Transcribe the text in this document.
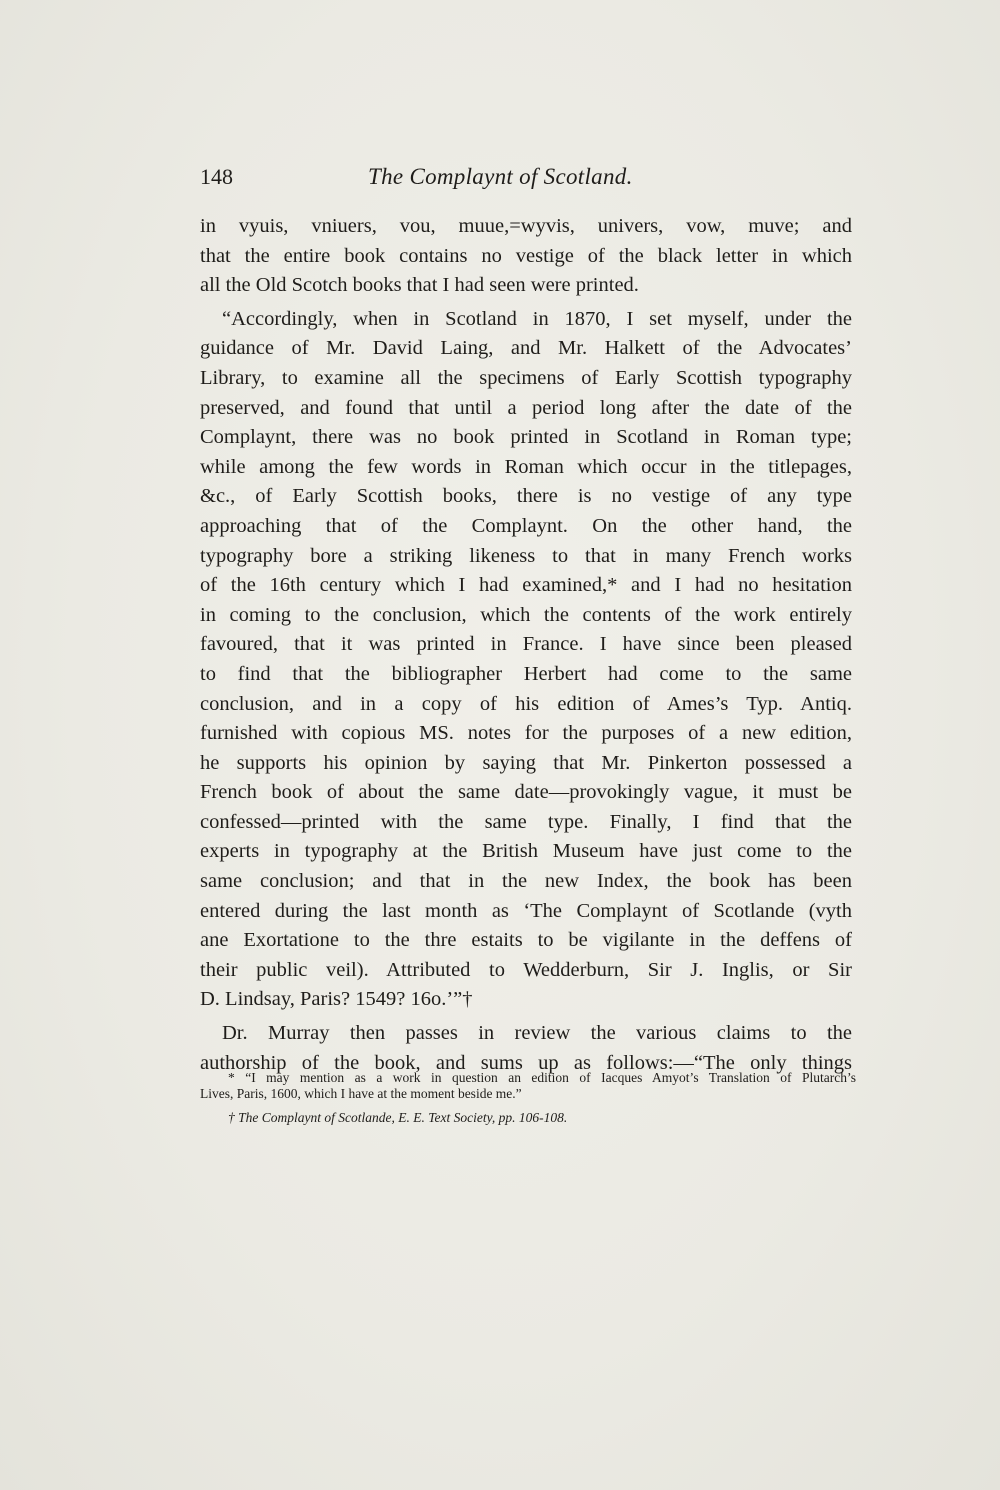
148	The Complaynt of Scotland.
in vyuis, vniuers, vou, muue,=wyvis, univers, vow, muve; and
that the entire book contains no vestige of the black letter in which
all the Old Scotch books that I had seen were printed.
“Accordingly, when in Scotland in 1870, I set myself, under the
guidance of Mr. David Laing, and Mr. Halkett of the Advocates’
Library, to examine all the specimens of Early Scottish typography
preserved, and found that until a period long after the date of the
Complaynt, there was no book printed in Scotland in Roman type;
while among the few words in Roman which occur in the titlepages,
&c., of Early Scottish books, there is no vestige of any type
approaching that of the Complaynt. On the other hand, the
typography bore a striking likeness to that in many French works
of the 16th century which I had examined,* and I had no hesitation
in coming to the conclusion, which the contents of the work entirely
favoured, that it was printed in France. I have since been pleased
to find that the bibliographer Herbert had come to the same
conclusion, and in a copy of his edition of Ames’s Typ. Antiq.
furnished with copious MS. notes for the purposes of a new edition,
he supports his opinion by saying that Mr. Pinkerton possessed a
French book of about the same date—provokingly vague, it must be
confessed—printed with the same type. Finally, I find that the
experts in typography at the British Museum have just come to the
same conclusion; and that in the new Index, the book has been
entered during the last month as ‘The Complaynt of Scotlande (vyth
ane Exortatione to the thre estaits to be vigilante in the deffens of
their public veil). Attributed to Wedderburn, Sir J. Inglis, or Sir
D. Lindsay, Paris? 1549? 16o.’”†
Dr. Murray then passes in review the various claims to the
authorship of the book, and sums up as follows:—“The only things
* “I may mention as a work in question an edition of Iacques Amyot’s Translation of Plutarch’s
Lives, Paris, 1600, which I have at the moment beside me.”
† The Complaynt of Scotlande, E. E. Text Society, pp. 106-108.
